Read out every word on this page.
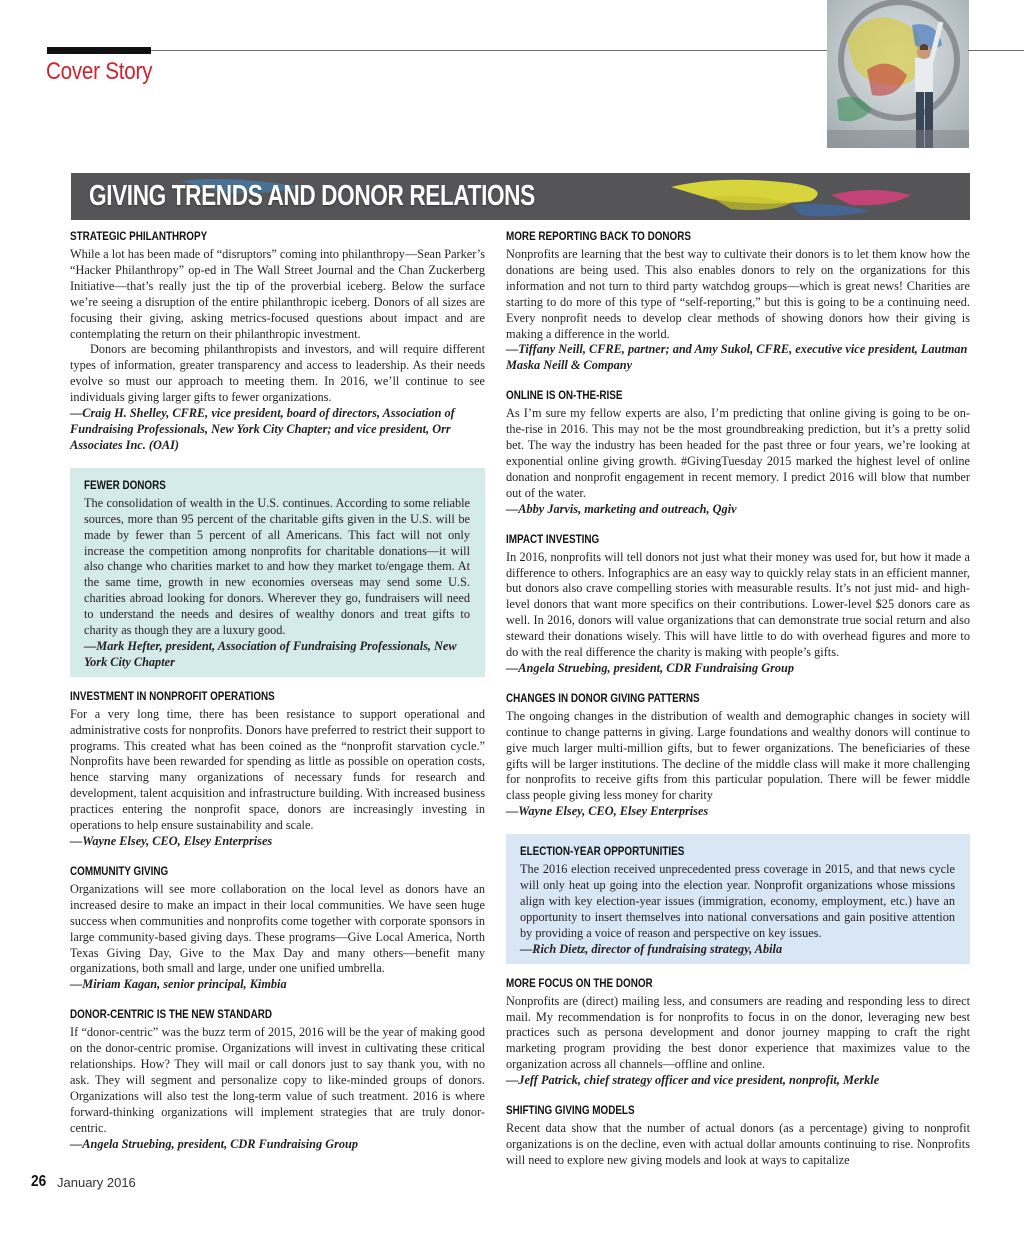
Cover Story
GIVING TRENDS AND DONOR RELATIONS
STRATEGIC PHILANTHROPY

While a lot has been made of “disruptors” coming into philanthropy—Sean Parker’s “Hacker Philanthropy” op-ed in The Wall Street Journal and the Chan Zuckerberg Initiative—that’s really just the tip of the proverbial iceberg. Below the surface we’re seeing a disruption of the entire philanthropic iceberg. Donors of all sizes are focusing their giving, asking metrics-focused questions about impact and are contemplating the return on their philanthropic investment.

Donors are becoming philanthropists and investors, and will require different types of information, greater transparency and access to leadership. As their needs evolve so must our approach to meeting them. In 2016, we’ll continue to see individuals giving larger gifts to fewer organizations.

—Craig H. Shelley, CFRE, vice president, board of directors, Association of Fundraising Professionals, New York City Chapter; and vice president, Orr Associates Inc. (OAI)

FEWER DONORS

The consolidation of wealth in the U.S. continues. According to some reliable sources, more than 95 percent of the charitable gifts given in the U.S. will be made by fewer than 5 percent of all Americans. This fact will not only increase the competition among nonprofits for charitable donations—it will also change who charities market to and how they market to/engage them. At the same time, growth in new economies overseas may send some U.S. charities abroad looking for donors. Wherever they go, fundraisers will need to understand the needs and desires of wealthy donors and treat gifts to charity as though they are a luxury good.

—Mark Hefter, president, Association of Fundraising Professionals, New York City Chapter

INVESTMENT IN NONPROFIT OPERATIONS

For a very long time, there has been resistance to support operational and administrative costs for nonprofits. Donors have preferred to restrict their support to programs. This created what has been coined as the “nonprofit starvation cycle.” Nonprofits have been rewarded for spending as little as possible on operation costs, hence starving many organizations of necessary funds for research and development, talent acquisition and infrastructure building. With increased business practices entering the nonprofit space, donors are increasingly investing in operations to help ensure sustainability and scale.

—Wayne Elsey, CEO, Elsey Enterprises

COMMUNITY GIVING

Organizations will see more collaboration on the local level as donors have an increased desire to make an impact in their local communities. We have seen huge success when communities and nonprofits come together with corporate sponsors in large community-based giving days. These programs—Give Local America, North Texas Giving Day, Give to the Max Day and many others—benefit many organizations, both small and large, under one unified umbrella.

—Miriam Kagan, senior principal, Kimbia

DONOR-CENTRIC IS THE NEW STANDARD

If “donor-centric” was the buzz term of 2015, 2016 will be the year of making good on the donor-centric promise. Organizations will invest in cultivating these critical relationships. How? They will mail or call donors just to say thank you, with no ask. They will segment and personalize copy to like-minded groups of donors. Organizations will also test the long-term value of such treatment. 2016 is where forward-thinking organizations will implement strategies that are truly donor-centric.

—Angela Struebing, president, CDR Fundraising Group

MORE REPORTING BACK TO DONORS

Nonprofits are learning that the best way to cultivate their donors is to let them know how the donations are being used. This also enables donors to rely on the organizations for this information and not turn to third party watchdog groups—which is great news! Charities are starting to do more of this type of “self-reporting,” but this is going to be a continuing need. Every nonprofit needs to develop clear methods of showing donors how their giving is making a difference in the world.

—Tiffany Neill, CFRE, partner; and Amy Sukol, CFRE, executive vice president, Lautman Maska Neill & Company

ONLINE IS ON-THE-RISE

As I’m sure my fellow experts are also, I’m predicting that online giving is going to be on-the-rise in 2016. This may not be the most groundbreaking prediction, but it’s a pretty solid bet. The way the industry has been headed for the past three or four years, we’re looking at exponential online giving growth. #GivingTuesday 2015 marked the highest level of online donation and nonprofit engagement in recent memory. I predict 2016 will blow that number out of the water.

—Abby Jarvis, marketing and outreach, Qgiv

IMPACT INVESTING

In 2016, nonprofits will tell donors not just what their money was used for, but how it made a difference to others. Infographics are an easy way to quickly relay stats in an efficient manner, but donors also crave compelling stories with measurable results. It’s not just mid- and high-level donors that want more specifics on their contributions. Lower-level $25 donors care as well. In 2016, donors will value organizations that can demonstrate true social return and also steward their donations wisely. This will have little to do with overhead figures and more to do with the real difference the charity is making with people’s gifts.

—Angela Struebing, president, CDR Fundraising Group

CHANGES IN DONOR GIVING PATTERNS

The ongoing changes in the distribution of wealth and demographic changes in society will continue to change patterns in giving. Large foundations and wealthy donors will continue to give much larger multi-million gifts, but to fewer organizations. The beneficiaries of these gifts will be larger institutions. The decline of the middle class will make it more challenging for nonprofits to receive gifts from this particular population. There will be fewer middle class people giving less money for charity

—Wayne Elsey, CEO, Elsey Enterprises

ELECTION-YEAR OPPORTUNITIES

The 2016 election received unprecedented press coverage in 2015, and that news cycle will only heat up going into the election year. Nonprofit organizations whose missions align with key election-year issues (immigration, economy, employment, etc.) have an opportunity to insert themselves into national conversations and gain positive attention by providing a voice of reason and perspective on key issues.

—Rich Dietz, director of fundraising strategy, Abila

MORE FOCUS ON THE DONOR

Nonprofits are (direct) mailing less, and consumers are reading and responding less to direct mail. My recommendation is for nonprofits to focus in on the donor, leveraging new best practices such as persona development and donor journey mapping to craft the right marketing program providing the best donor experience that maximizes value to the organization across all channels—offline and online.

—Jeff Patrick, chief strategy officer and vice president, nonprofit, Merkle

SHIFTING GIVING MODELS

Recent data show that the number of actual donors (as a percentage) giving to nonprofit organizations is on the decline, even with actual dollar amounts continuing to rise. Nonprofits will need to explore new giving models and look at ways to capitalize

26 January 2016
